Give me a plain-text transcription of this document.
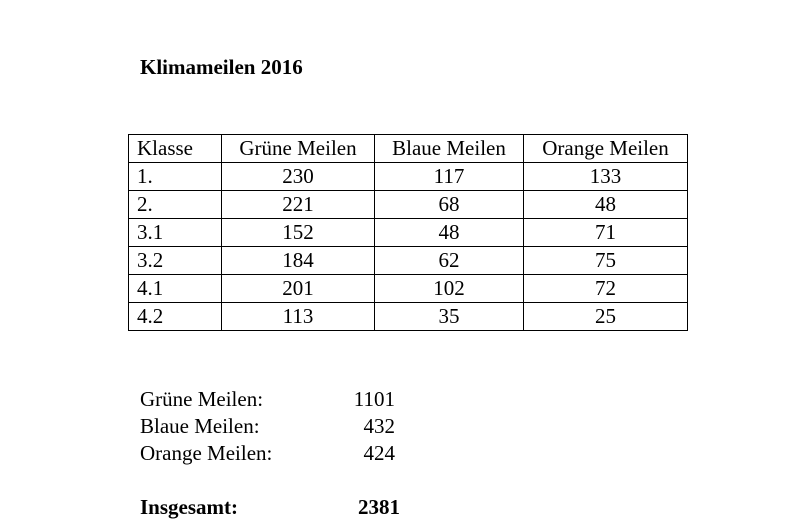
Klimameilen 2016
Klasse	Grüne Meilen	Blaue Meilen	Orange Meilen
1.	230	117	133
2.	221	68	48
3.1	152	48	71
3.2	184	62	75
4.1	201	102	72
4.2	113	35	25
Grüne Meilen:	1101
Blaue Meilen:	432
Orange Meilen:	424
Insgesamt:	2381
